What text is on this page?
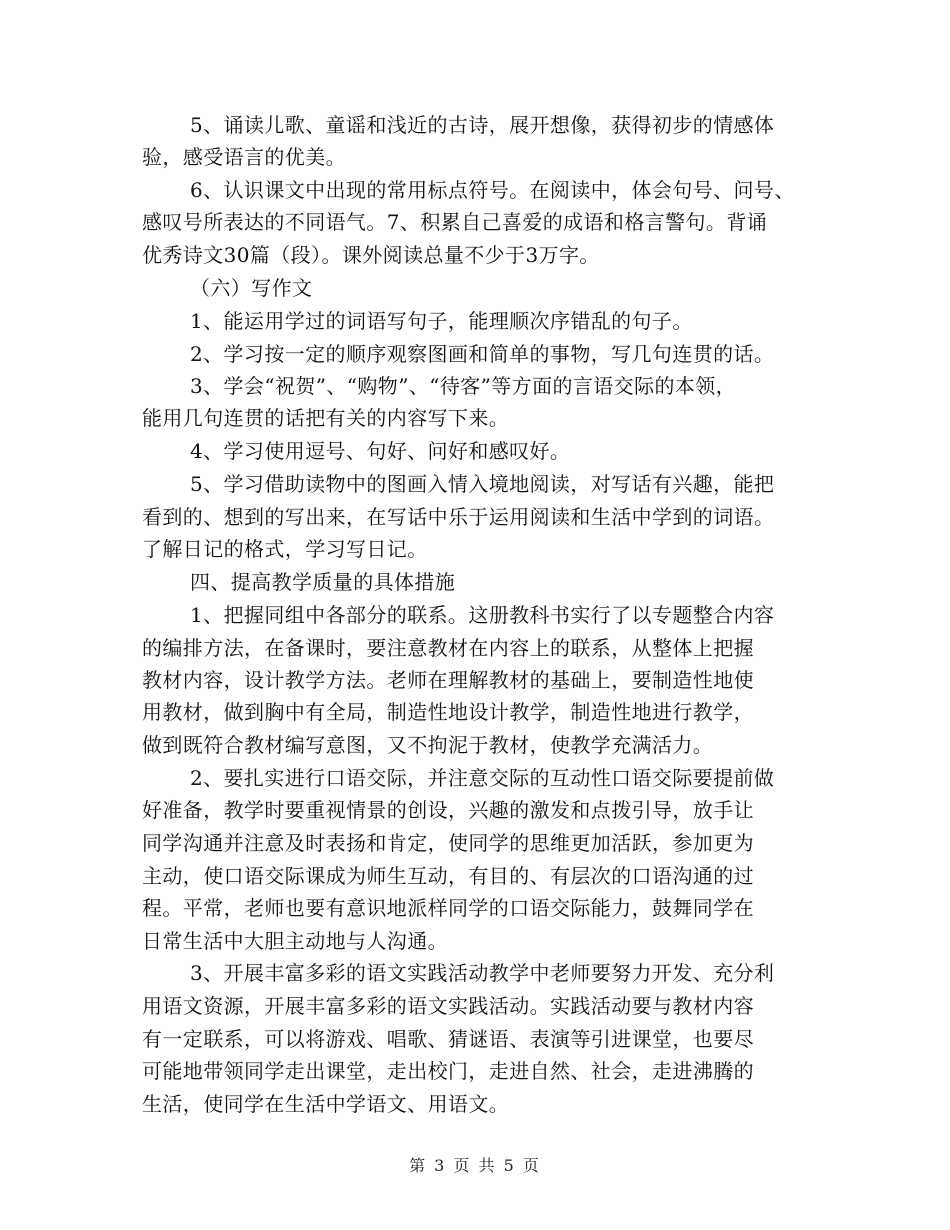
5、诵读儿歌、童谣和浅近的古诗，展开想像，获得初步的情感体
验，感受语言的优美。
6、认识课文中出现的常用标点符号。在阅读中，体会句号、问号、
感叹号所表达的不同语气。7、积累自己喜爱的成语和格言警句。背诵
优秀诗文30篇（段）。课外阅读总量不少于3万字。
（六）写作文
1、能运用学过的词语写句子，能理顺次序错乱的句子。
2、学习按一定的顺序观察图画和简单的事物，写几句连贯的话。
3、学会“祝贺”、“购物”、“待客”等方面的言语交际的本领，
能用几句连贯的话把有关的内容写下来。
4、学习使用逗号、句好、问好和感叹好。
5、学习借助读物中的图画入情入境地阅读，对写话有兴趣，能把
看到的、想到的写出来，在写话中乐于运用阅读和生活中学到的词语。
了解日记的格式，学习写日记。
四、提高教学质量的具体措施
1、把握同组中各部分的联系。这册教科书实行了以专题整合内容
的编排方法，在备课时，要注意教材在内容上的联系，从整体上把握
教材内容，设计教学方法。老师在理解教材的基础上，要制造性地使
用教材，做到胸中有全局，制造性地设计教学，制造性地进行教学，
做到既符合教材编写意图，又不拘泥于教材，使教学充满活力。
2、要扎实进行口语交际，并注意交际的互动性口语交际要提前做
好准备，教学时要重视情景的创设，兴趣的激发和点拨引导，放手让
同学沟通并注意及时表扬和肯定，使同学的思维更加活跃，参加更为
主动，使口语交际课成为师生互动，有目的、有层次的口语沟通的过
程。平常，老师也要有意识地派样同学的口语交际能力，鼓舞同学在
日常生活中大胆主动地与人沟通。
3、开展丰富多彩的语文实践活动教学中老师要努力开发、充分利
用语文资源，开展丰富多彩的语文实践活动。实践活动要与教材内容
有一定联系，可以将游戏、唱歌、猜谜语、表演等引进课堂，也要尽
可能地带领同学走出课堂，走出校门，走进自然、社会，走进沸腾的
生活，使同学在生活中学语文、用语文。
第 3 页 共 5 页
